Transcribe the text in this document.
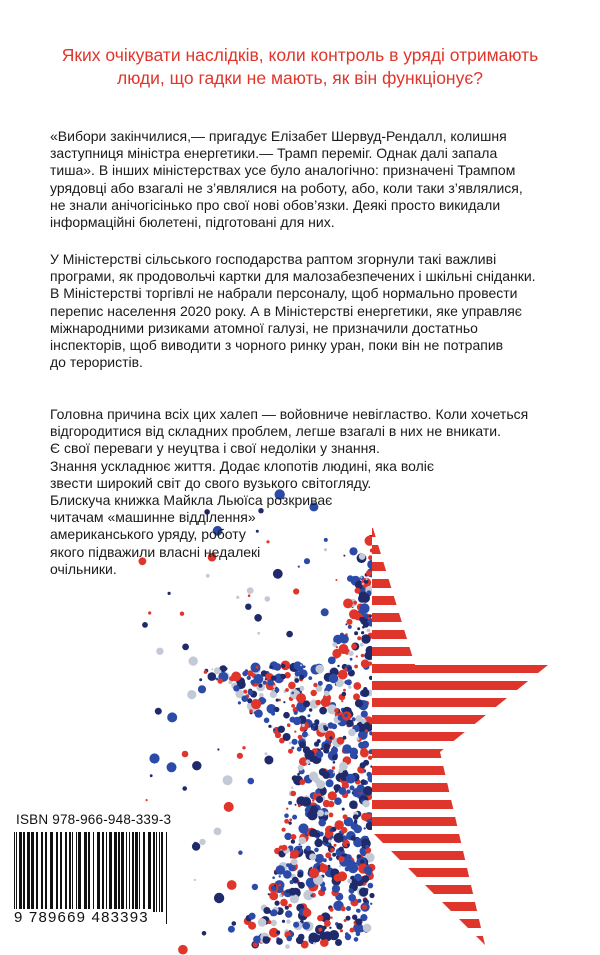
Яких очікувати наслідків, коли контроль в уряді отримають
люди, що гадки не мають, як він функціонує?
«Вибори закінчилися,— пригадує Елізабет Шервуд-Рендалл, колишня
заступниця міністра енергетики.— Трамп переміг. Однак далі запала
тиша». В інших міністерствах усе було аналогічно: призначені Трампом
урядовці або взагалі не з’являлися на роботу, або, коли таки з’являлися,
не знали анічогісінько про свої нові обов’язки. Деякі просто викидали
інформаційні бюлетені, підготовані для них.
У Міністерстві сільського господарства раптом згорнули такі важливі
програми, як продовольчі картки для малозабезпечених і шкільні сніданки.
В Міністерстві торгівлі не набрали персоналу, щоб нормально провести
перепис населення 2020 року. А в Міністерстві енергетики, яке управляє
міжнародними ризиками атомної галузі, не призначили достатньо
інспекторів, щоб виводити з чорного ринку уран, поки він не потрапив
до терористів.
Головна причина всіх цих халеп — войовниче невігластво. Коли хочеться
відгородитися від складних проблем, легше взагалі в них не вникати.
Є свої переваги у неуцтва і свої недоліки у знання.
Знання ускладнює життя. Додає клопотів людині, яка воліє
звести широкий світ до свого вузького світогляду.
Блискуча книжка Майкла Льюїса розкриває
читачам «машинне відділення»
американського уряду, роботу
якого підважили власні недалекі
очільники.
ISBN 978-966-948-339-3
9 789669 483393
